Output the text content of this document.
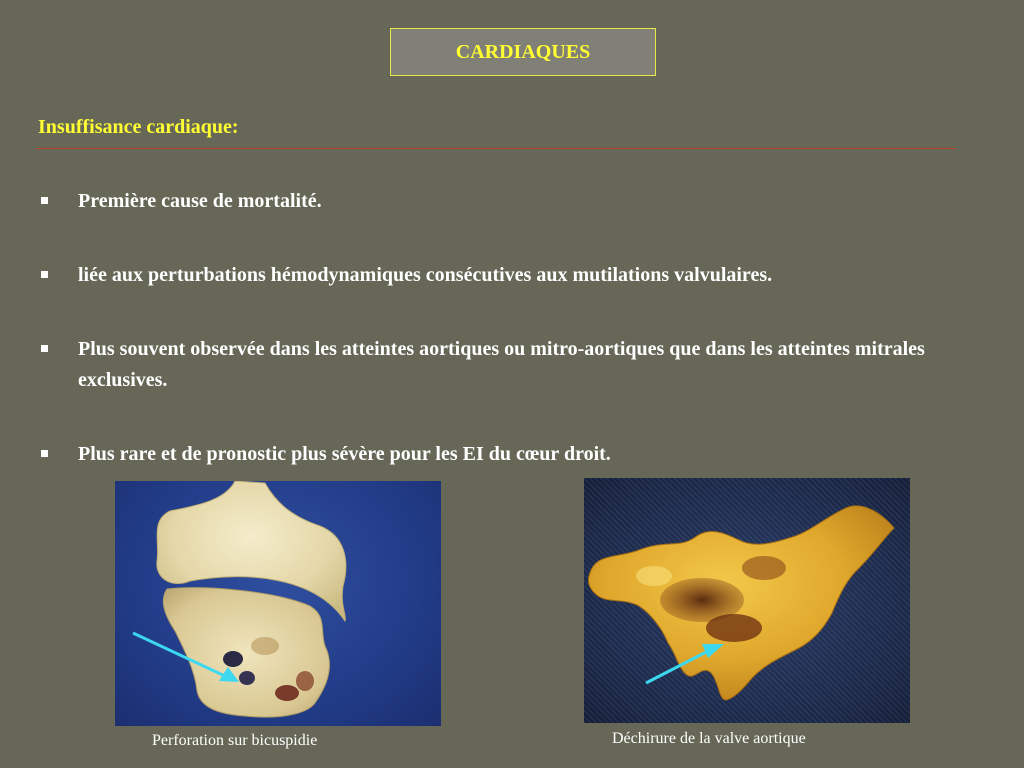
CARDIAQUES
Insuffisance cardiaque:
Première cause de mortalité.
liée aux perturbations hémodynamiques consécutives aux mutilations valvulaires.
Plus souvent observée dans les atteintes aortiques ou mitro-aortiques que dans les atteintes mitrales exclusives.
Plus rare et de pronostic plus sévère pour les EI du cœur droit.
Perforation sur bicuspidie	Déchirure de la valve aortique
